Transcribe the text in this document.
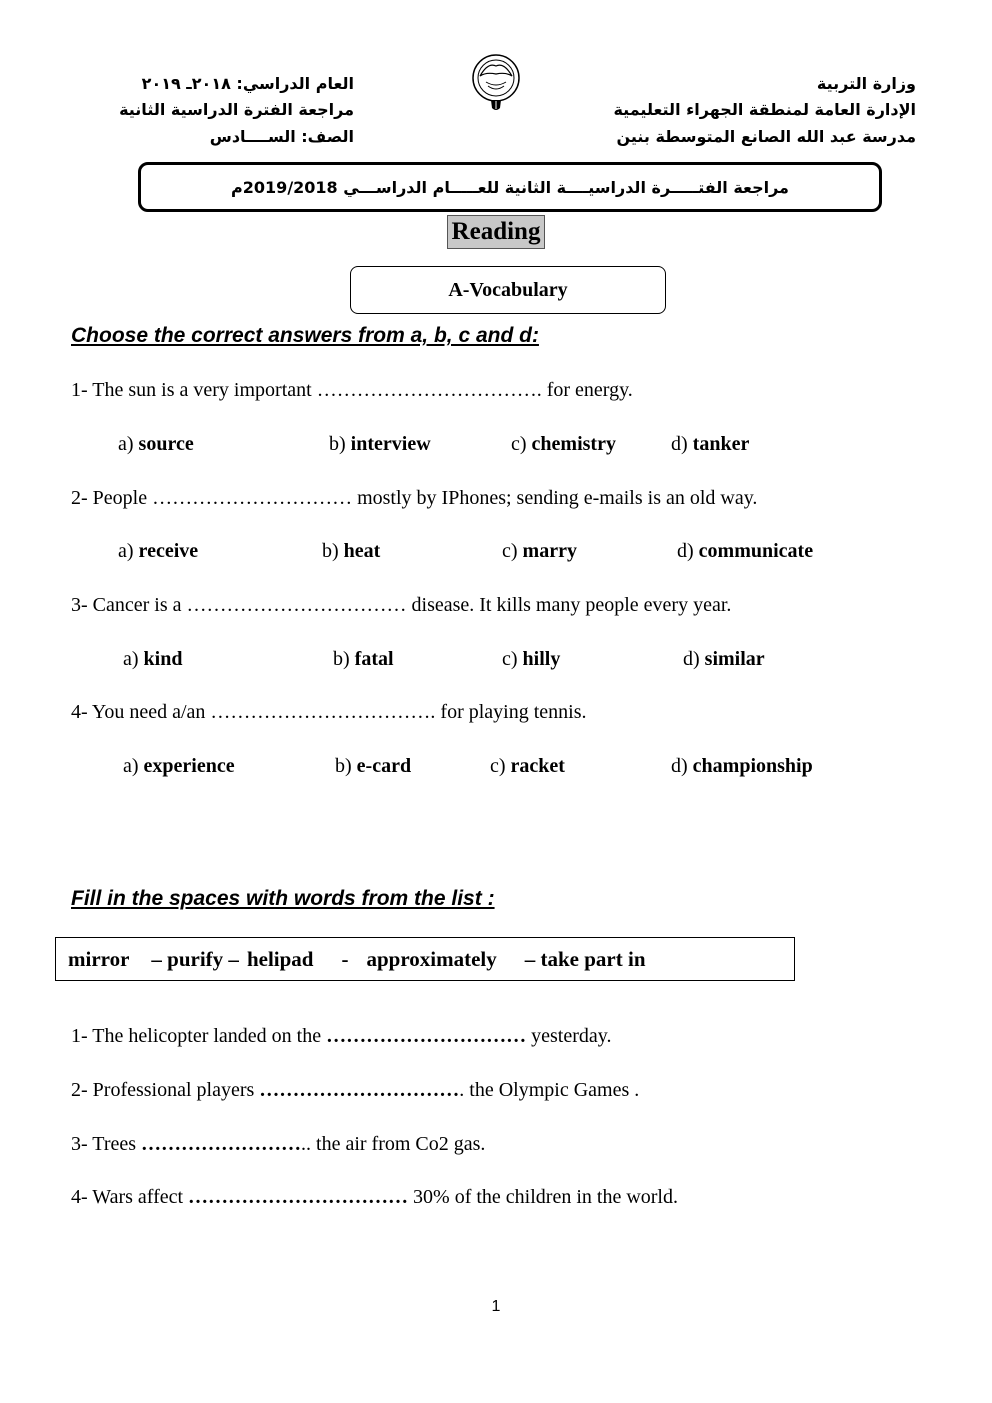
وزارة التربية
الإدارة العامة لمنطقة الجهراء التعليمية
مدرسة عبد الله الصانع المتوسطة بنين
العام الدراسي: ٢٠١٨ـ ٢٠١٩
مراجعة الفترة الدراسية الثانية
الصف: الســــادس
مراجعة الفتـــــرة الدراسيــــة الثانية للعـــــام الدراســـي 2019/2018م
Reading
A-Vocabulary
Choose the correct answers from a, b, c and d:
1- The sun is a very important ……………………………. for energy.
a) source	b) interview	c) chemistry	d) tanker
2- People ………………………… mostly by IPhones; sending e-mails is an old way.
a) receive	b) heat	c) marry	d) communicate
3- Cancer is a …………………………… disease. It kills many people every year.
a) kind	b) fatal	c) hilly	d) similar
4- You need a/an ……………………………. for playing tennis.
a) experience	b) e-card	c) racket	d) championship
Fill in the spaces with words from the list :
mirror – purify – helipad - approximately – take part in
1- The helicopter landed on the ………………………… yesterday.
2- Professional players …………………………. the Olympic Games .
3- Trees …………………….. the air from Co2 gas.
4- Wars affect …………………………… 30% of the children in the world.
1
